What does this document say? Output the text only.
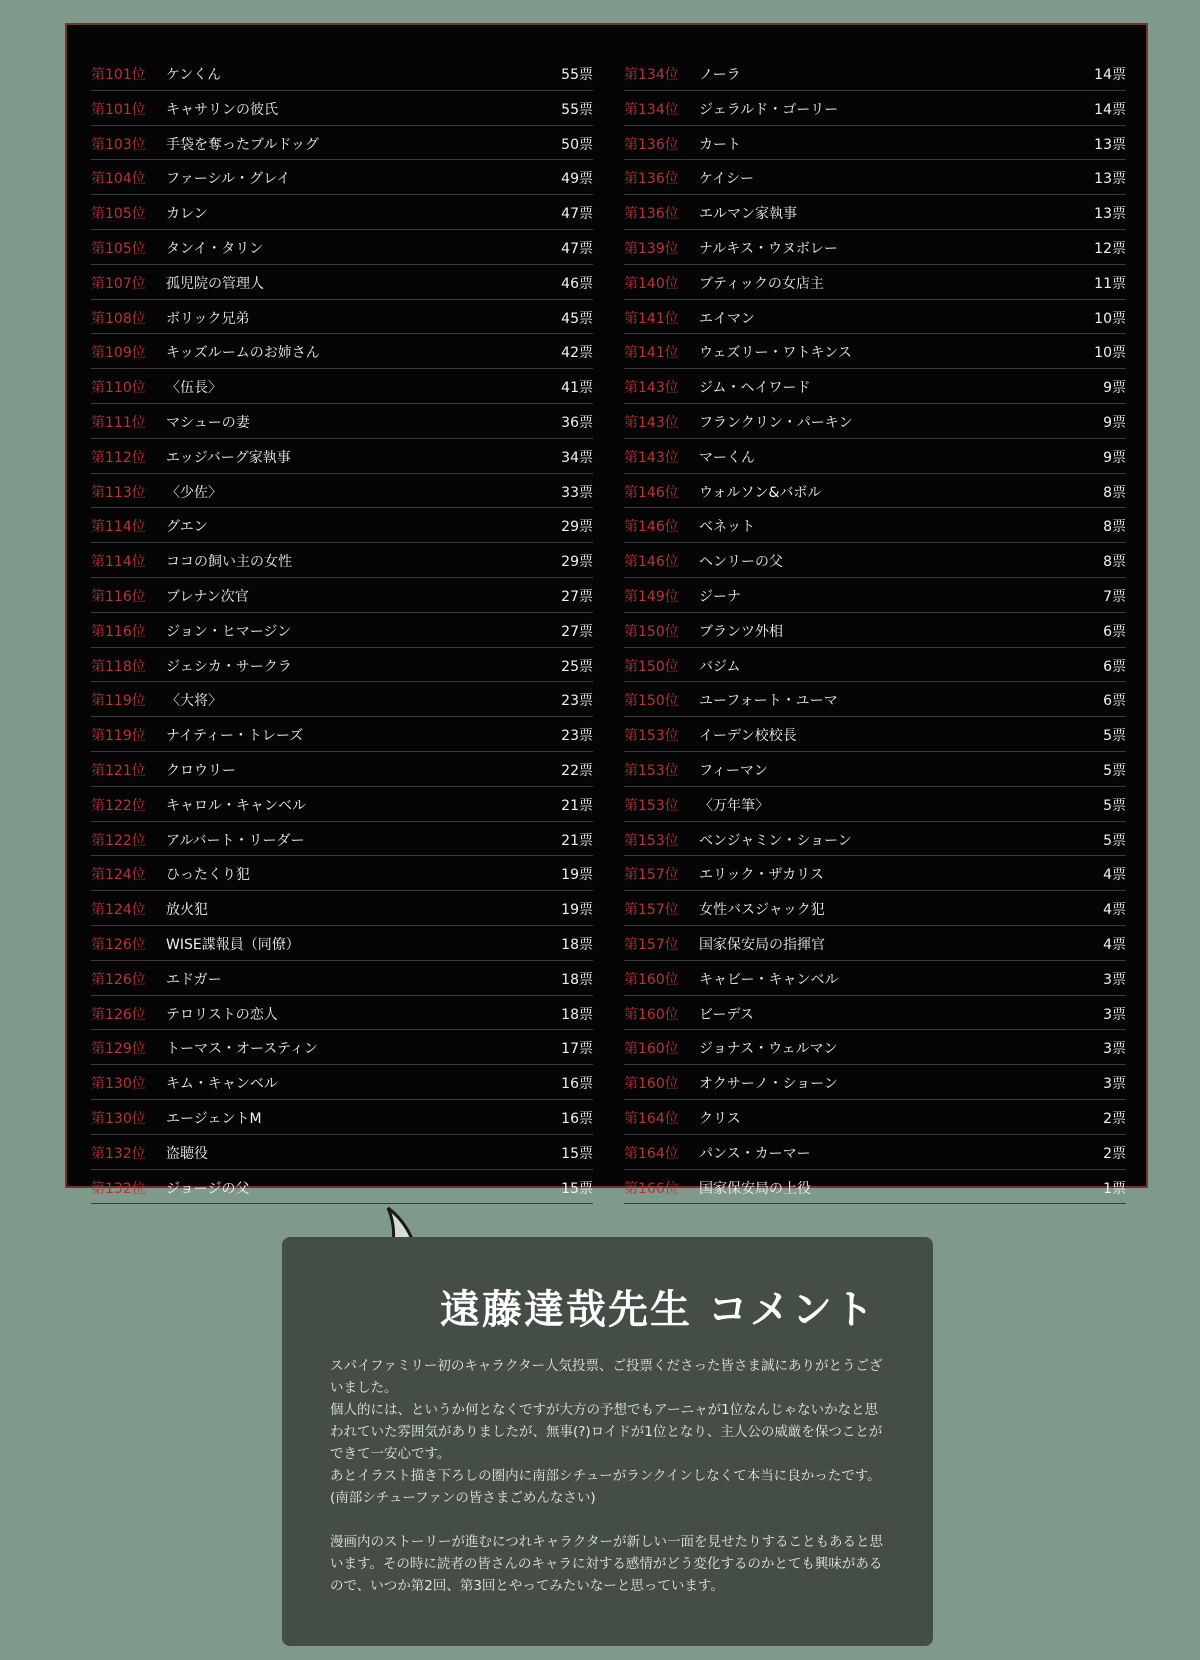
第101位	ケンくん	55票
第101位	キャサリンの彼氏	55票
第103位	手袋を奪ったブルドッグ	50票
第104位	ファーシル・グレイ	49票
第105位	カレン	47票
第105位	タンイ・タリン	47票
第107位	孤児院の管理人	46票
第108位	ボリック兄弟	45票
第109位	キッズルームのお姉さん	42票
第110位	〈伍長〉	41票
第111位	マシューの妻	36票
第112位	エッジバーグ家執事	34票
第113位	〈少佐〉	33票
第114位	グエン	29票
第114位	ココの飼い主の女性	29票
第116位	ブレナン次官	27票
第116位	ジョン・ヒマージン	27票
第118位	ジェシカ・サークラ	25票
第119位	〈大将〉	23票
第119位	ナイティー・トレーズ	23票
第121位	クロウリー	22票
第122位	キャロル・キャンベル	21票
第122位	アルバート・リーダー	21票
第124位	ひったくり犯	19票
第124位	放火犯	19票
第126位	WISE諜報員（同僚）	18票
第126位	エドガー	18票
第126位	テロリストの恋人	18票
第129位	トーマス・オースティン	17票
第130位	キム・キャンベル	16票
第130位	エージェントM	16票
第132位	盗聴役	15票
第132位	ジョージの父	15票
第134位	ノーラ	14票
第134位	ジェラルド・ゴーリー	14票
第136位	カート	13票
第136位	ケイシー	13票
第136位	エルマン家執事	13票
第139位	ナルキス・ウヌボレー	12票
第140位	ブティックの女店主	11票
第141位	エイマン	10票
第141位	ウェズリー・ワトキンス	10票
第143位	ジム・ヘイワード	9票
第143位	フランクリン・パーキン	9票
第143位	マーくん	9票
第146位	ウォルソン&バボル	8票
第146位	ベネット	8票
第146位	ヘンリーの父	8票
第149位	ジーナ	7票
第150位	ブランツ外相	6票
第150位	バジム	6票
第150位	ユーフォート・ユーマ	6票
第153位	イーデン校校長	5票
第153位	フィーマン	5票
第153位	〈万年筆〉	5票
第153位	ベンジャミン・ショーン	5票
第157位	エリック・ザカリス	4票
第157位	女性バスジャック犯	4票
第157位	国家保安局の指揮官	4票
第160位	キャビー・キャンベル	3票
第160位	ビーデス	3票
第160位	ジョナス・ウェルマン	3票
第160位	オクサーノ・ショーン	3票
第164位	クリス	2票
第164位	パンス・カーマー	2票
第166位	国家保安局の上役	1票
遠藤達哉先生 コメント

スパイファミリー初のキャラクター人気投票、ご投票くださった皆さま誠にありがとうございました。
個人的には、というか何となくですが大方の予想でもアーニャが1位なんじゃないかなと思われていた雰囲気がありましたが、無事(?)ロイドが1位となり、主人公の威厳を保つことができて一安心です。
あとイラスト描き下ろしの圏内に南部シチューがランクインしなくて本当に良かったです。(南部シチューファンの皆さまごめんなさい)

漫画内のストーリーが進むにつれキャラクターが新しい一面を見せたりすることもあると思います。その時に読者の皆さんのキャラに対する感情がどう変化するのかとても興味があるので、いつか第2回、第3回とやってみたいなーと思っています。
